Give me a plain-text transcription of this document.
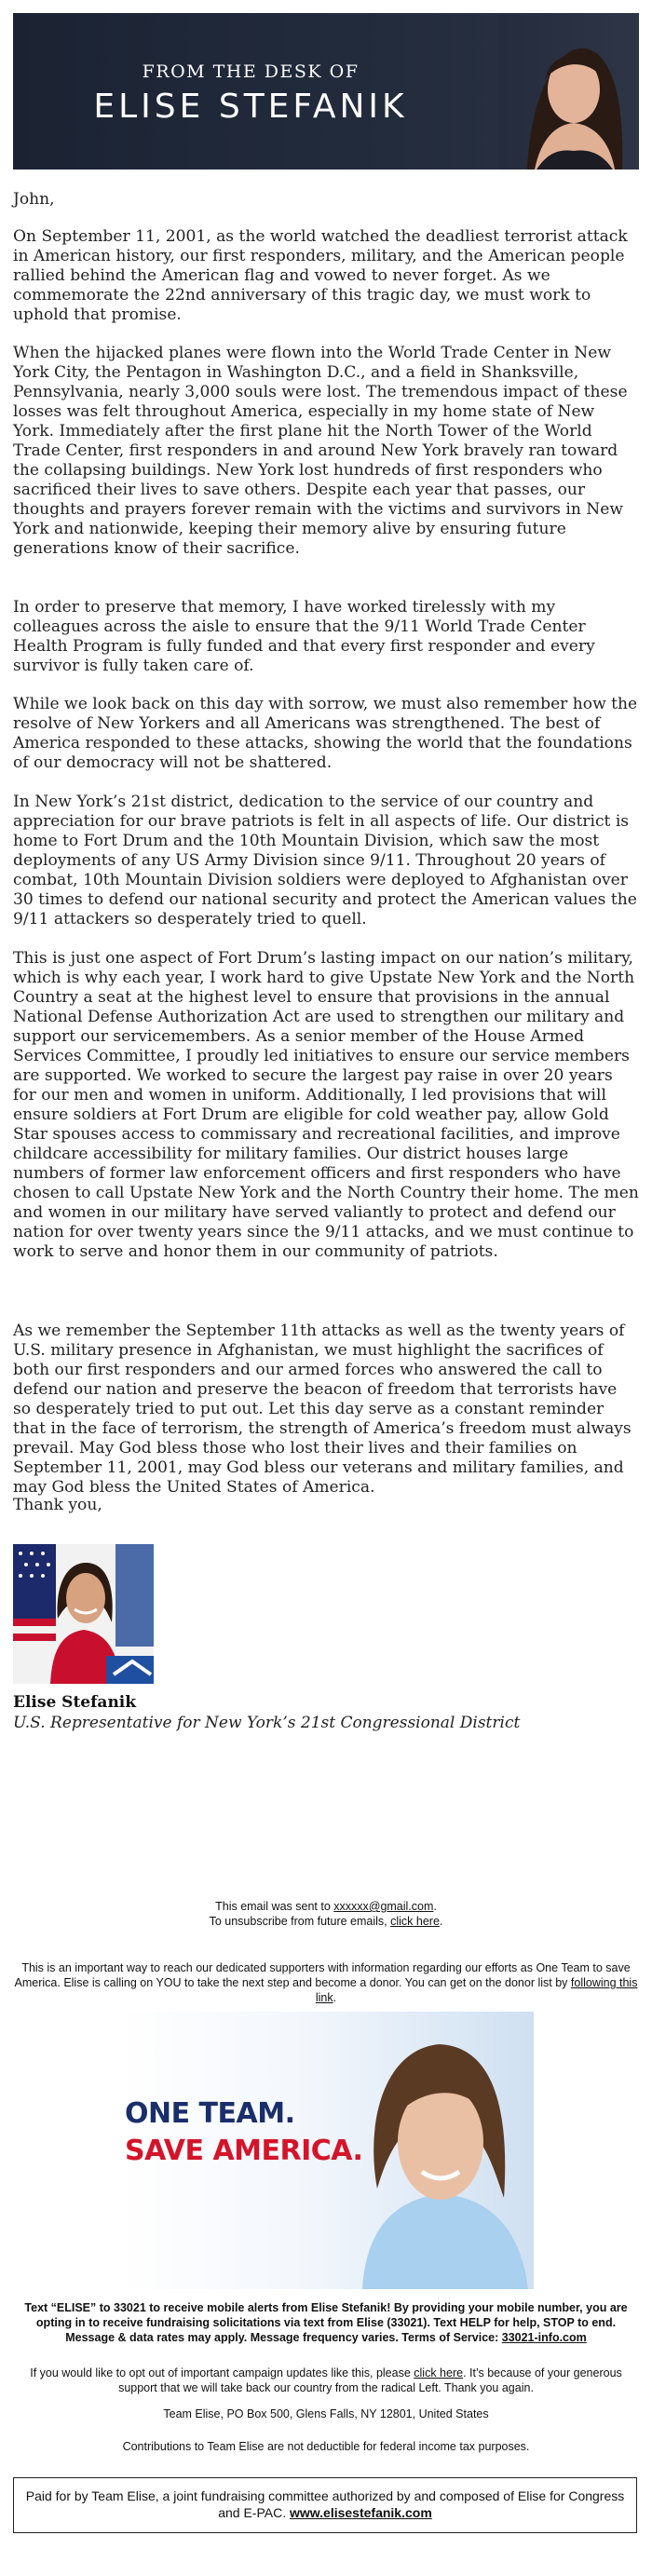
FROM THE DESK OF
ELISE STEFANIK

John,

On September 11, 2001, as the world watched the deadliest terrorist attack in American history, our first responders, military, and the American people rallied behind the American flag and vowed to never forget. As we commemorate the 22nd anniversary of this tragic day, we must work to uphold that promise.

When the hijacked planes were flown into the World Trade Center in New York City, the Pentagon in Washington D.C., and a field in Shanksville, Pennsylvania, nearly 3,000 souls were lost. The tremendous impact of these losses was felt throughout America, especially in my home state of New York. Immediately after the first plane hit the North Tower of the World Trade Center, first responders in and around New York bravely ran toward the collapsing buildings. New York lost hundreds of first responders who sacrificed their lives to save others. Despite each year that passes, our thoughts and prayers forever remain with the victims and survivors in New York and nationwide, keeping their memory alive by ensuring future generations know of their sacrifice.

In order to preserve that memory, I have worked tirelessly with my colleagues across the aisle to ensure that the 9/11 World Trade Center Health Program is fully funded and that every first responder and every survivor is fully taken care of.

While we look back on this day with sorrow, we must also remember how the resolve of New Yorkers and all Americans was strengthened. The best of America responded to these attacks, showing the world that the foundations of our democracy will not be shattered.

In New York’s 21st district, dedication to the service of our country and appreciation for our brave patriots is felt in all aspects of life. Our district is home to Fort Drum and the 10th Mountain Division, which saw the most deployments of any US Army Division since 9/11. Throughout 20 years of combat, 10th Mountain Division soldiers were deployed to Afghanistan over 30 times to defend our national security and protect the American values the 9/11 attackers so desperately tried to quell.

This is just one aspect of Fort Drum’s lasting impact on our nation’s military, which is why each year, I work hard to give Upstate New York and the North Country a seat at the highest level to ensure that provisions in the annual National Defense Authorization Act are used to strengthen our military and support our servicemembers. As a senior member of the House Armed Services Committee, I proudly led initiatives to ensure our service members are supported. We worked to secure the largest pay raise in over 20 years for our men and women in uniform. Additionally, I led provisions that will ensure soldiers at Fort Drum are eligible for cold weather pay, allow Gold Star spouses access to commissary and recreational facilities, and improve childcare accessibility for military families. Our district houses large numbers of former law enforcement officers and first responders who have chosen to call Upstate New York and the North Country their home. The men and women in our military have served valiantly to protect and defend our nation for over twenty years since the 9/11 attacks, and we must continue to work to serve and honor them in our community of patriots.

As we remember the September 11th attacks as well as the twenty years of U.S. military presence in Afghanistan, we must highlight the sacrifices of both our first responders and our armed forces who answered the call to defend our nation and preserve the beacon of freedom that terrorists have so desperately tried to put out. Let this day serve as a constant reminder that in the face of terrorism, the strength of America’s freedom must always prevail. May God bless those who lost their lives and their families on September 11, 2001, may God bless our veterans and military families, and may God bless the United States of America.

Thank you,

Elise Stefanik
U.S. Representative for New York’s 21st Congressional District
This email was sent to xxxxxx@gmail.com.
To unsubscribe from future emails, click here.
This is an important way to reach our dedicated supporters with information regarding our efforts as One Team to save America. Elise is calling on YOU to take the next step and become a donor. You can get on the donor list by following this link.
ONE TEAM.
SAVE AMERICA.
Text “ELISE” to 33021 to receive mobile alerts from Elise Stefanik! By providing your mobile number, you are opting in to receive fundraising solicitations via text from Elise (33021). Text HELP for help, STOP to end. Message & data rates may apply. Message frequency varies. Terms of Service: 33021-info.com
If you would like to opt out of important campaign updates like this, please click here. It’s because of your generous support that we will take back our country from the radical Left. Thank you again.
Team Elise, PO Box 500, Glens Falls, NY 12801, United States
Contributions to Team Elise are not deductible for federal income tax purposes.
Paid for by Team Elise, a joint fundraising committee authorized by and composed of Elise for Congress and E-PAC. www.elisestefanik.com
